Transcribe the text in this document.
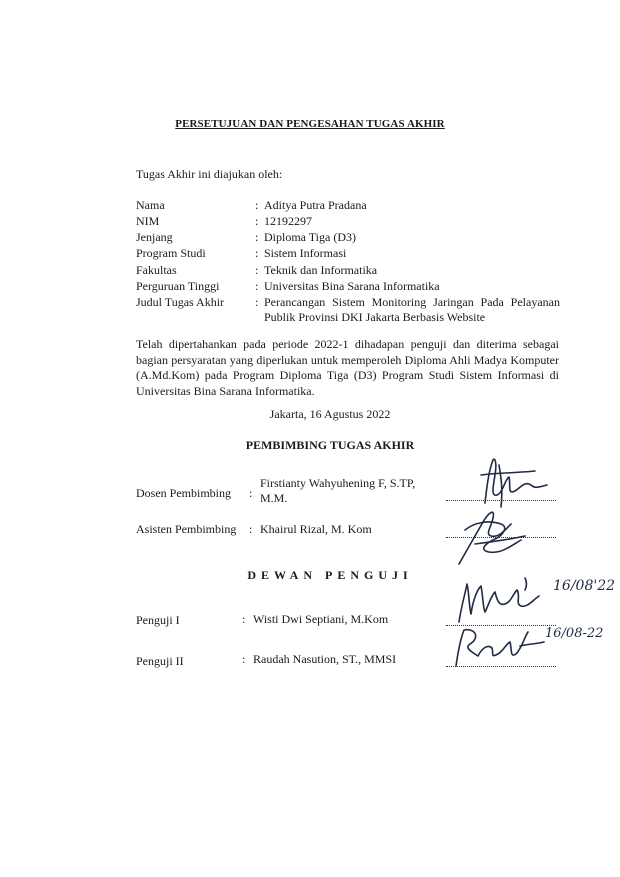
PERSETUJUAN DAN PENGESAHAN TUGAS AKHIR
Tugas Akhir ini diajukan oleh:
Nama	: Aditya Putra Pradana
NIM	: 12192297
Jenjang	: Diploma Tiga (D3)
Program Studi	: Sistem Informasi
Fakultas	: Teknik dan Informatika
Perguruan Tinggi	: Universitas Bina Sarana Informatika
Judul Tugas Akhir	: Perancangan Sistem Monitoring Jaringan Pada Pelayanan Publik Provinsi DKI Jakarta Berbasis Website
Telah dipertahankan pada periode 2022-1 dihadapan penguji dan diterima sebagai bagian persyaratan yang diperlukan untuk memperoleh Diploma Ahli Madya Komputer (A.Md.Kom) pada Program Diploma Tiga (D3) Program Studi Sistem Informasi di Universitas Bina Sarana Informatika.
Jakarta, 16 Agustus 2022
PEMBIMBING TUGAS AKHIR
Dosen Pembimbing :
Firstianty Wahyuhening F, S.TP, M.M.
Asisten Pembimbing : Khairul Rizal, M. Kom
DEWAN PENGUJI
Penguji I	: Wisti Dwi Septiani, M.Kom
16/08'22
Penguji II	: Raudah Nasution, ST., MMSI
16/08-22
